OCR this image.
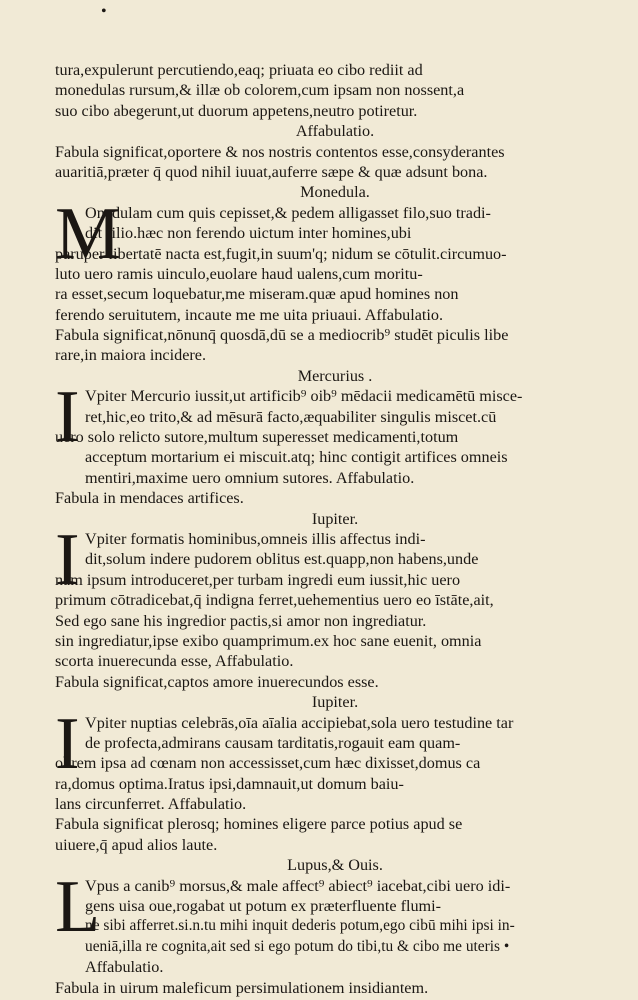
•
tura,expulerunt percutiendo,eaq; priuata eo cibo rediit ad
monedulas rursum,& illæ ob colorem,cum ipsam non nossent,a
suo cibo abegerunt,ut duorum appetens,neutro potiretur.
Affabulatio.
Fabula significat,oportere & nos nostris contentos esse,consyderantes
auaritiā,præter q̄ quod nihil iuuat,auferre sæpe & quæ adsunt bona.
Monedula.
M
Onedulam cum quis cepisset,& pedem alligasset filo,suo tradi-
dit filio.hæc non ferendo uictum inter homines,ubi
paruper libertatē nacta est,fugit,in suum'q; nidum se cōtulit.circumuo-
luto uero ramis uinculo,euolare haud ualens,cum moritu-
ra esset,secum loquebatur,me miseram.quæ apud homines non
ferendo seruitutem, incaute me me uita priuaui. Affabulatio.
Fabula significat,nōnunq̄ quosdā,dū se a mediocrib⁹ studēt piculis libe
rare,in maiora incidere.
Mercurius .
I Vpiter Mercurio iussit,ut artificib⁹ oib⁹ mēdacii medicamētū misce-
ret,hic,eo trito,& ad mēsurā facto,æquabiliter singulis miscet.cū
uero solo relicto sutore,multum superesset medicamenti,totum
acceptum mortarium ei miscuit.atq; hinc contigit artifices omneis
mentiri,maxime uero omnium sutores. Affabulatio.
Fabula in mendaces artifices.
Iupiter.
I Vpiter formatis hominibus,omneis illis affectus indi-
dit,solum indere pudorem oblitus est.quapp,non habens,unde
nam ipsum introduceret,per turbam ingredi eum iussit,hic uero
primum cōtradicebat,q̄ indigna ferret,uehementius uero eo īstāte,ait,
Sed ego sane his ingredior pactis,si amor non ingrediatur.
sin ingrediatur,ipse exibo quamprimum.ex hoc sane euenit, omnia
scorta inuerecunda esse, Affabulatio.
Fabula significat,captos amore inuerecundos esse.
Iupiter.
I Vpiter nuptias celebrās,oīa aīalia accipiebat,sola uero testudine tar
de profecta,admirans causam tarditatis,rogauit eam quam-
obrem ipsa ad cœnam non accessisset,cum hæc dixisset,domus ca
ra,domus optima.Iratus ipsi,damnauit,ut domum baiu-
lans circunferret. Affabulatio.
Fabula significat plerosq; homines eligere parce potius apud se
uiuere,q̄ apud alios laute.
Lupus,& Ouis.
L
Vpus a canib⁹ morsus,& male affect⁹ abiect⁹ iacebat,cibi uero idi-
gens uisa oue,rogabat ut potum ex præterfluente flumi-
ne sibi afferret.si.n.tu mihi inquit dederis potum,ego cibū mihi ipsi in-
ueniā,illa re cognita,ait sed si ego potum do tibi,tu & cibo me uteris •
Affabulatio.
Fabula in uirum maleficum persimulationem insidiantem.
